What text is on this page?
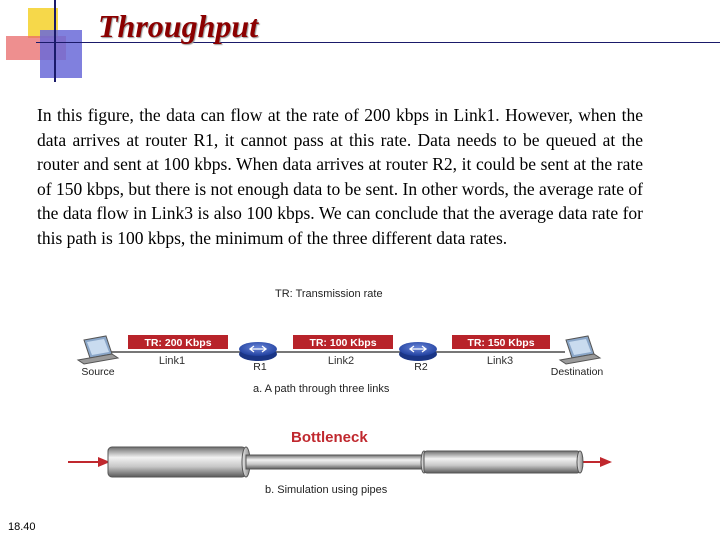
Throughput
In this figure, the data can flow at the rate of 200 kbps in Link1. However, when the data arrives at router R1, it cannot pass at this rate. Data needs to be queued at the router and sent at 100 kbps. When data arrives at router R2, it could be sent at the rate of 150 kbps, but there is not enough data to be sent. In other words, the average rate of the data flow in Link3 is also 100 kbps. We can conclude that the average data rate for this path is 100 kbps, the minimum of the three different data rates.
18.40
TR: Transmission rate
TR: 200 Kbps	TR: 100 Kbps	TR: 150 Kbps
Link1	Link2	Link3
Source	Destination
R1	R2
a. A path through three links
Bottleneck
b. Simulation using pipes
